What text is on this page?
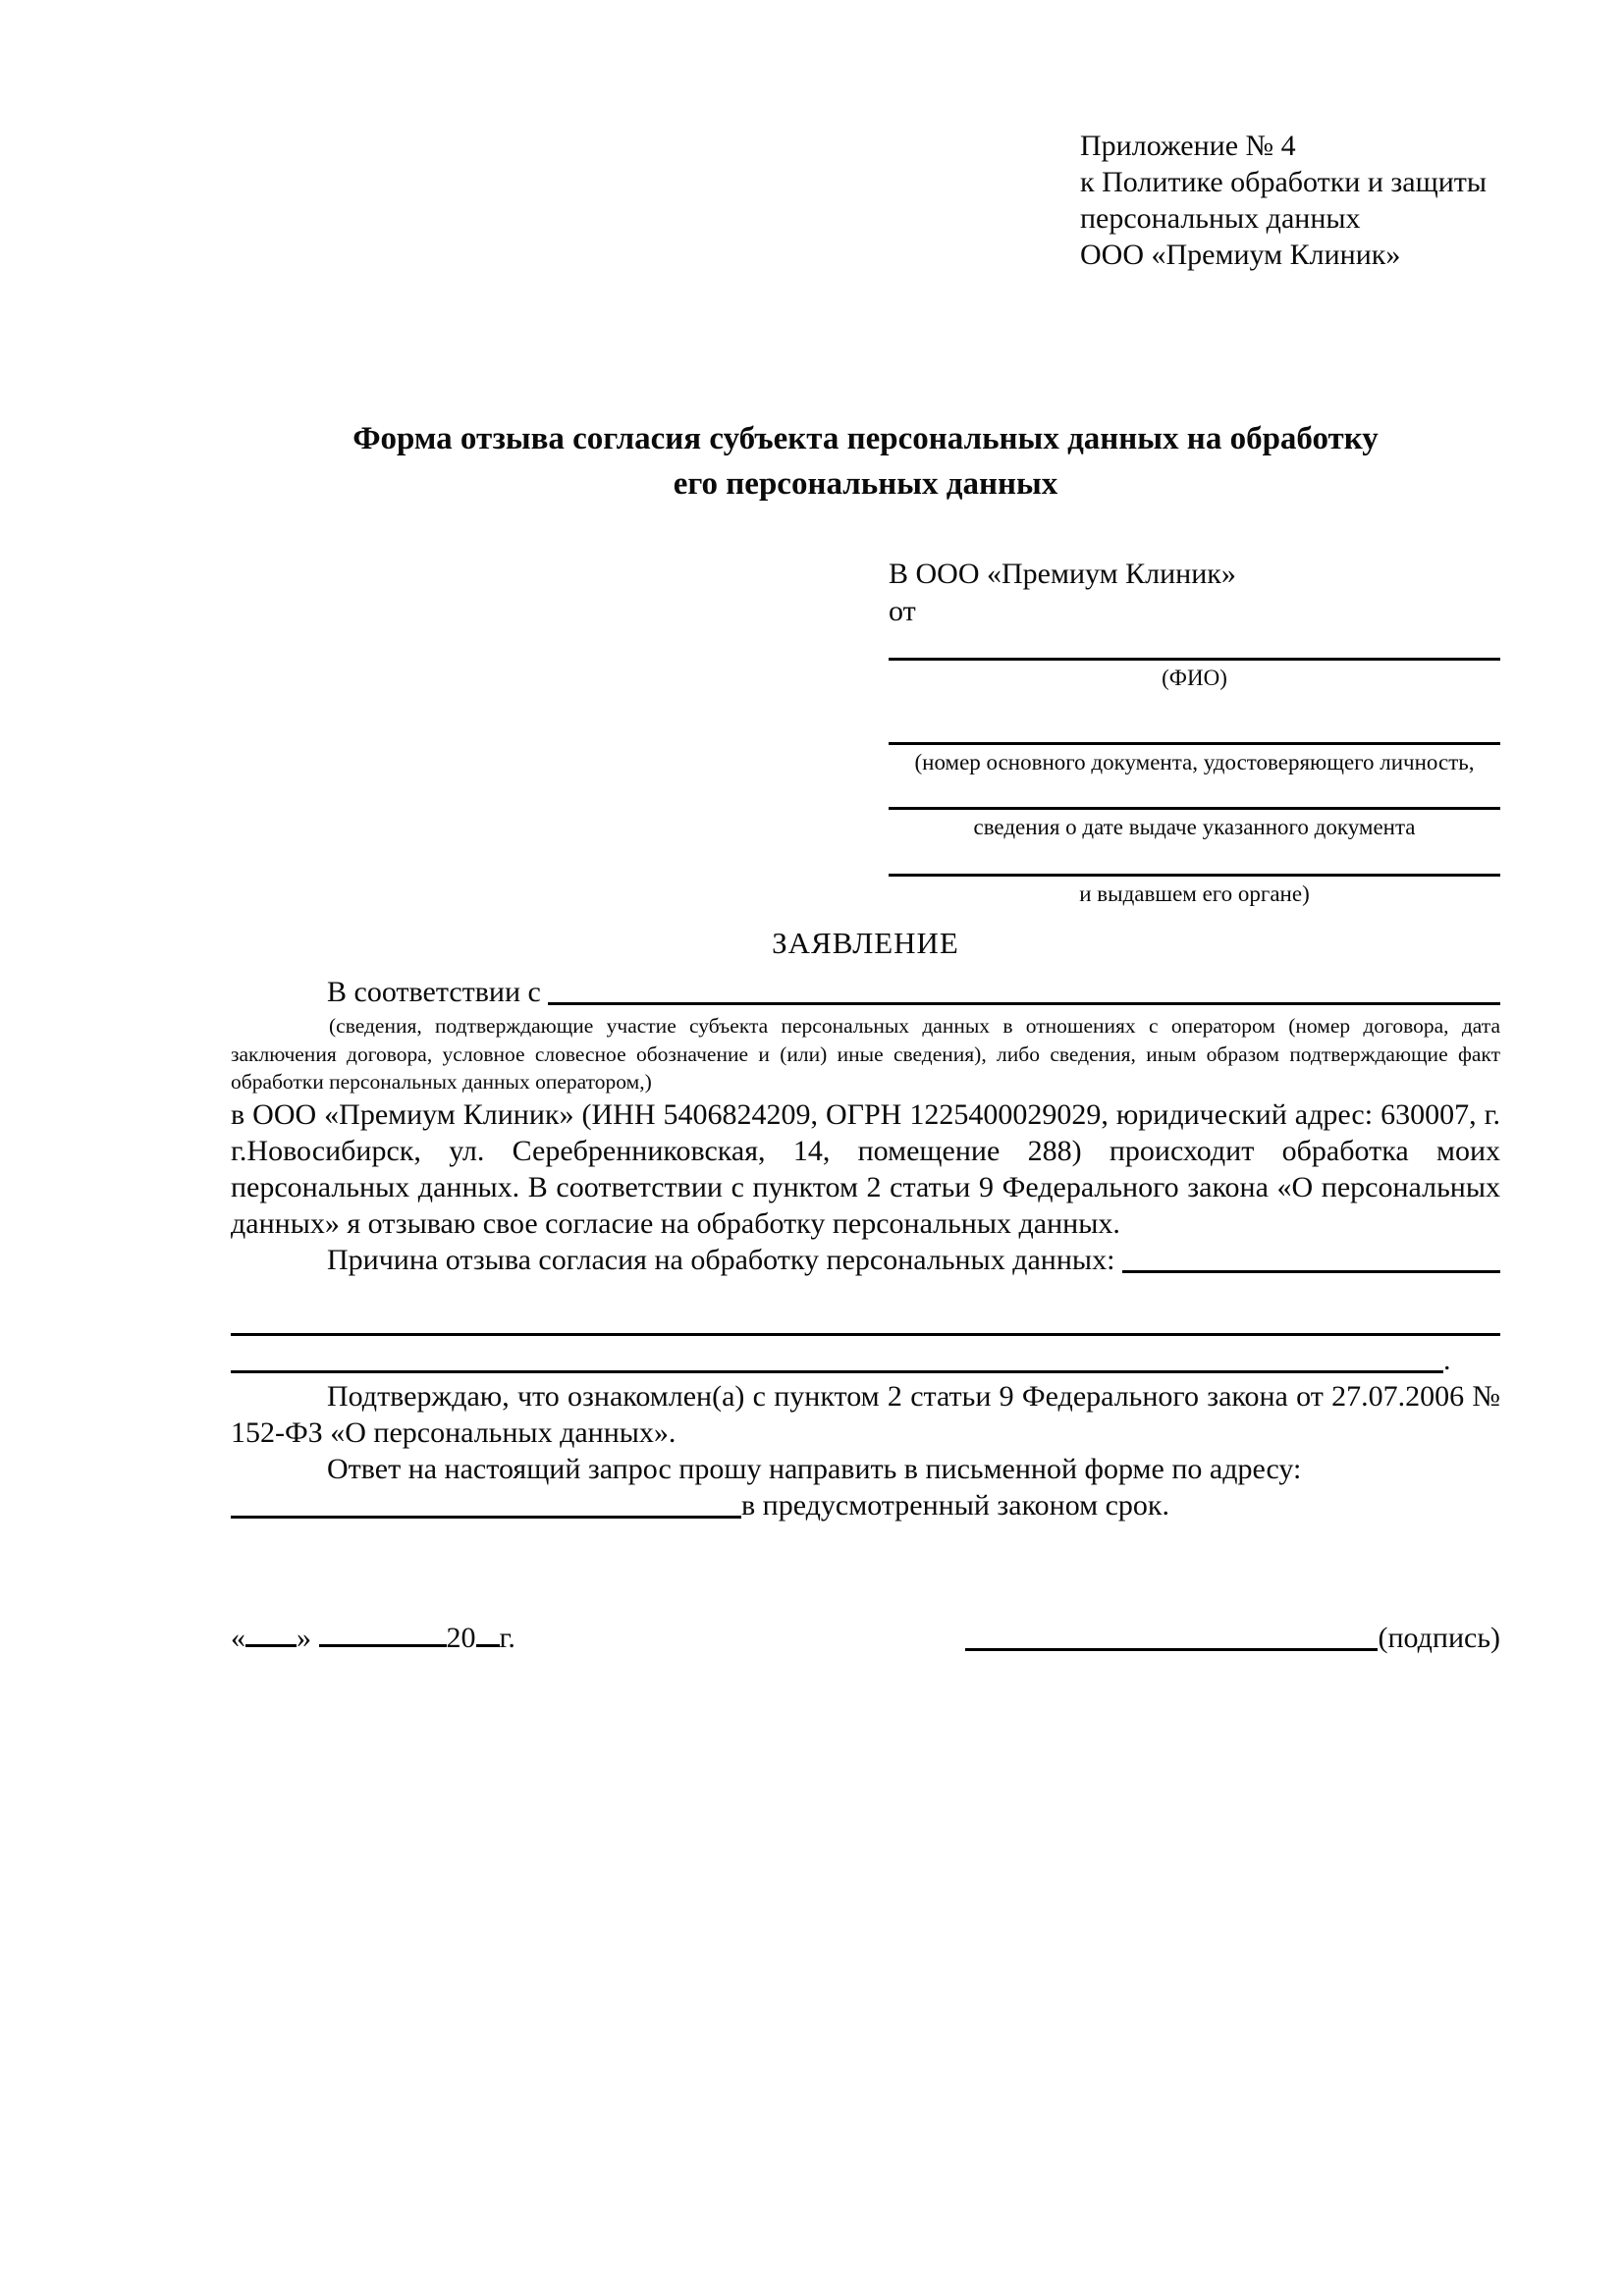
Приложение № 4
к Политике обработки и защиты
персональных данных
ООО «Премиум Клиник»
Форма отзыва согласия субъекта персональных данных на обработку
его персональных данных
В ООО «Премиум Клиник»
от
(ФИО)
(номер основного документа, удостоверяющего личность,
сведения о дате выдаче указанного документа
и выдавшем его органе)
ЗАЯВЛЕНИЕ
В соответствии с
(сведения, подтверждающие участие субъекта персональных данных в отношениях с оператором (номер договора, дата заключения договора, условное словесное обозначение и (или) иные сведения), либо сведения, иным образом подтверждающие факт обработки персональных данных оператором,)
в ООО «Премиум Клиник» (ИНН 5406824209, ОГРН 1225400029029, юридический адрес: 630007, г. г.Новосибирск, ул. Серебренниковская, 14, помещение 288) происходит обработка моих персональных данных. В соответствии с пунктом 2 статьи 9 Федерального закона «О персональных данных» я отзываю свое согласие на обработку персональных данных.
Причина отзыва согласия на обработку персональных данных:
.
Подтверждаю, что ознакомлен(а) с пунктом 2 статьи 9 Федерального закона от 27.07.2006 № 152-ФЗ «О персональных данных».
Ответ на настоящий запрос прошу направить в письменной форме по адресу:
в предусмотренный законом срок.
« »	20 г.	(подпись)
